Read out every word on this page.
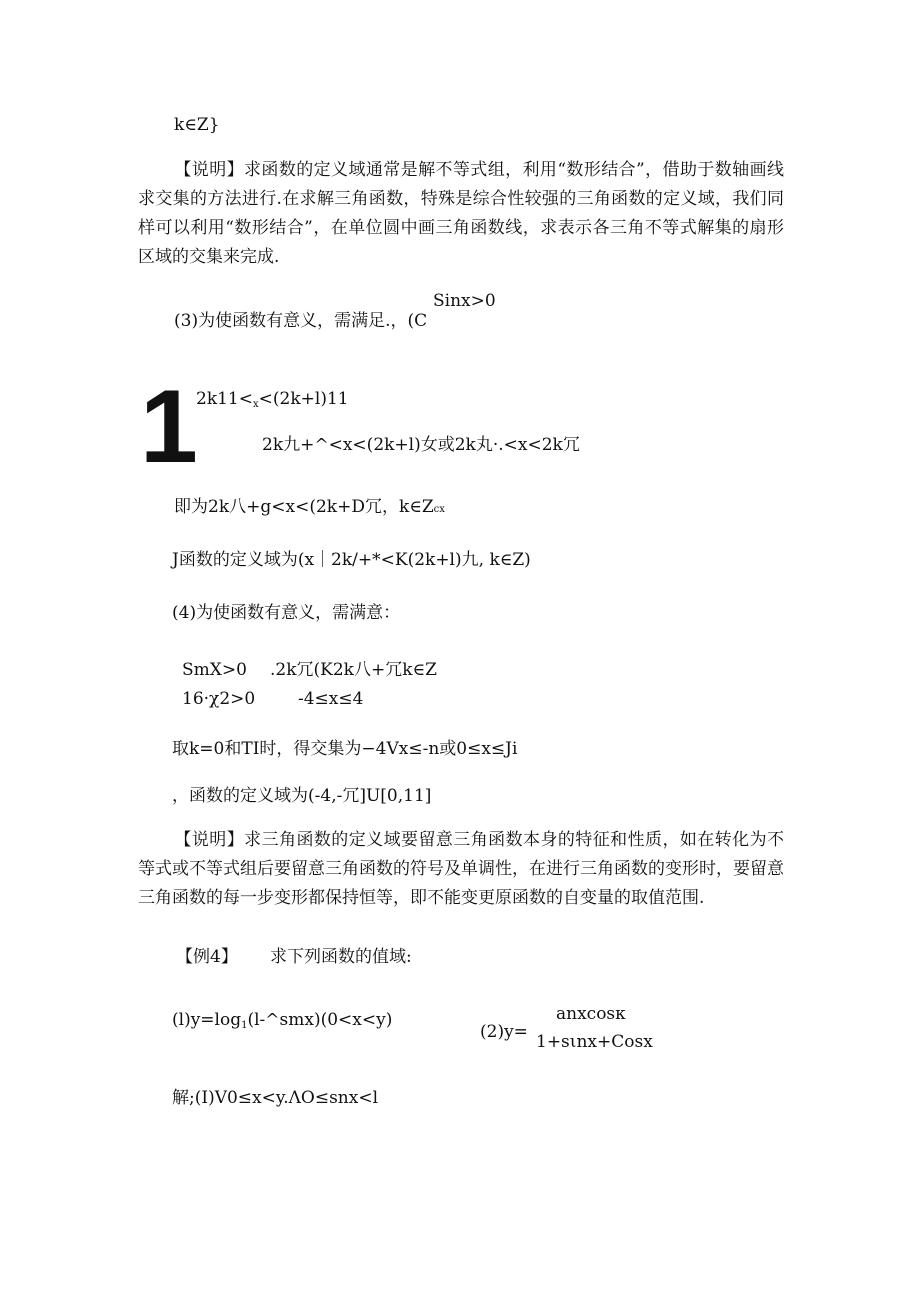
k∈Z}
【说明】求函数的定义域通常是解不等式组，利用“数形结合”，借助于数轴画线求交集的方法进行.在求解三角函数，特殊是综合性较强的三角函数的定义域，我们同样可以利用“数形结合”，在单位圆中画三角函数线，求表示各三角不等式解集的扇形区域的交集来完成.
Sinx>0
(3)为使函数有意义，需满足.，(C
1
$2k11<_x<(2k+l)11$
2k九+^<x<(2k+l)女或2k丸·.<x<2k冗
即为2k八+g<x<(2k+D冗，k∈Zcx
J函数的定义域为(x｜2k/+*<K(2k+l)九, k∈Z)
(4)为使函数有意义，需满意：
SmX>0 .2k冗(K2k八+冗k∈Z
16·χ2>0	-4≤x≤4
取k=0和TI时，得交集为−4Vx≤-n或0≤x≤Ji
，函数的定义域为(-4,-冗]U[0,11]
【说明】求三角函数的定义域要留意三角函数本身的特征和性质，如在转化为不等式或不等式组后要留意三角函数的符号及单调性，在进行三角函数的变形时，要留意三角函数的每一步变形都保持恒等，即不能变更原函数的自变量的取值范围.
【例4】 求下列函数的值域:
$(l)y=\log_1(l-\^{}smx)(0<x<y)$
(2)y=
anxcosκ
1+sιnx+Cosx
解;(I)V0≤x<y.ΛO≤snx<l
